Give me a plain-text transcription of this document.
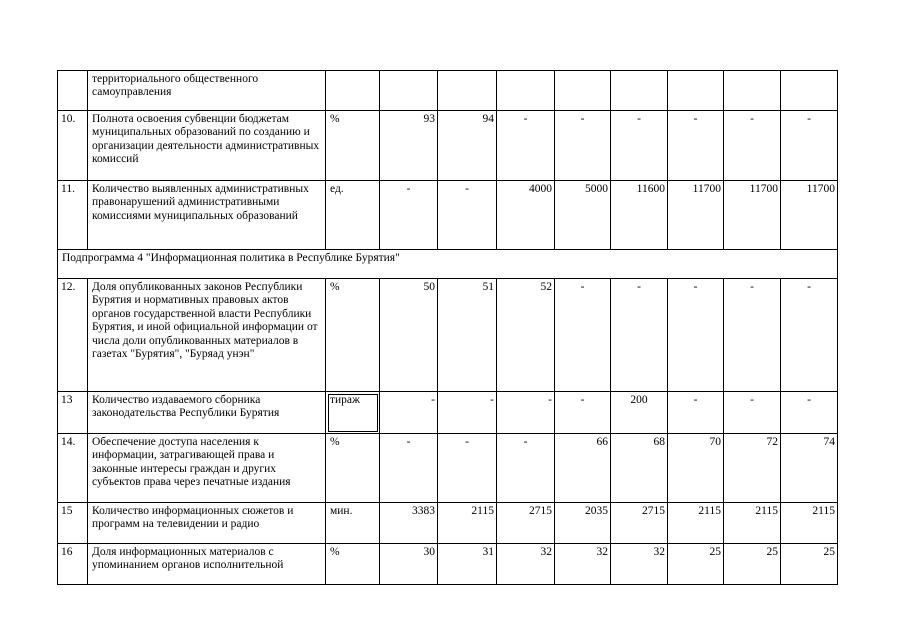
	территориального общественного самоуправления									
10.	Полнота освоения субвенции бюджетам муниципальных образований по созданию и организации деятельности административных комиссий	%	93	94	-	-	-	-	-	-
11.	Количество выявленных административных правонарушений административными комиссиями муниципальных образований	ед.	-	-	4000	5000	11600	11700	11700	11700
Подпрограмма 4 "Информационная политика в Республике Бурятия"										
12.	Доля опубликованных законов Республики Бурятия и нормативных правовых актов органов государственной власти Республики Бурятия, и иной официальной информации от числа доли опубликованных материалов в газетах "Бурятия", "Буряад унэн"	%	50	51	52	-	-	-	-	-
13	Количество издаваемого сборника законодательства Республики Бурятия	тираж	-	-	-	-	200	-	-	-
14.	Обеспечение доступа населения к информации, затрагивающей права и законные интересы граждан и других субъектов права через печатные издания	%	-	-	-	66	68	70	72	74
15	Количество информационных сюжетов и программ на телевидении и радио	мин.	3383	2115	2715	2035	2715	2115	2115	2115
16	Доля информационных материалов с упоминанием органов исполнительной	%	30	31	32	32	32	25	25	25
